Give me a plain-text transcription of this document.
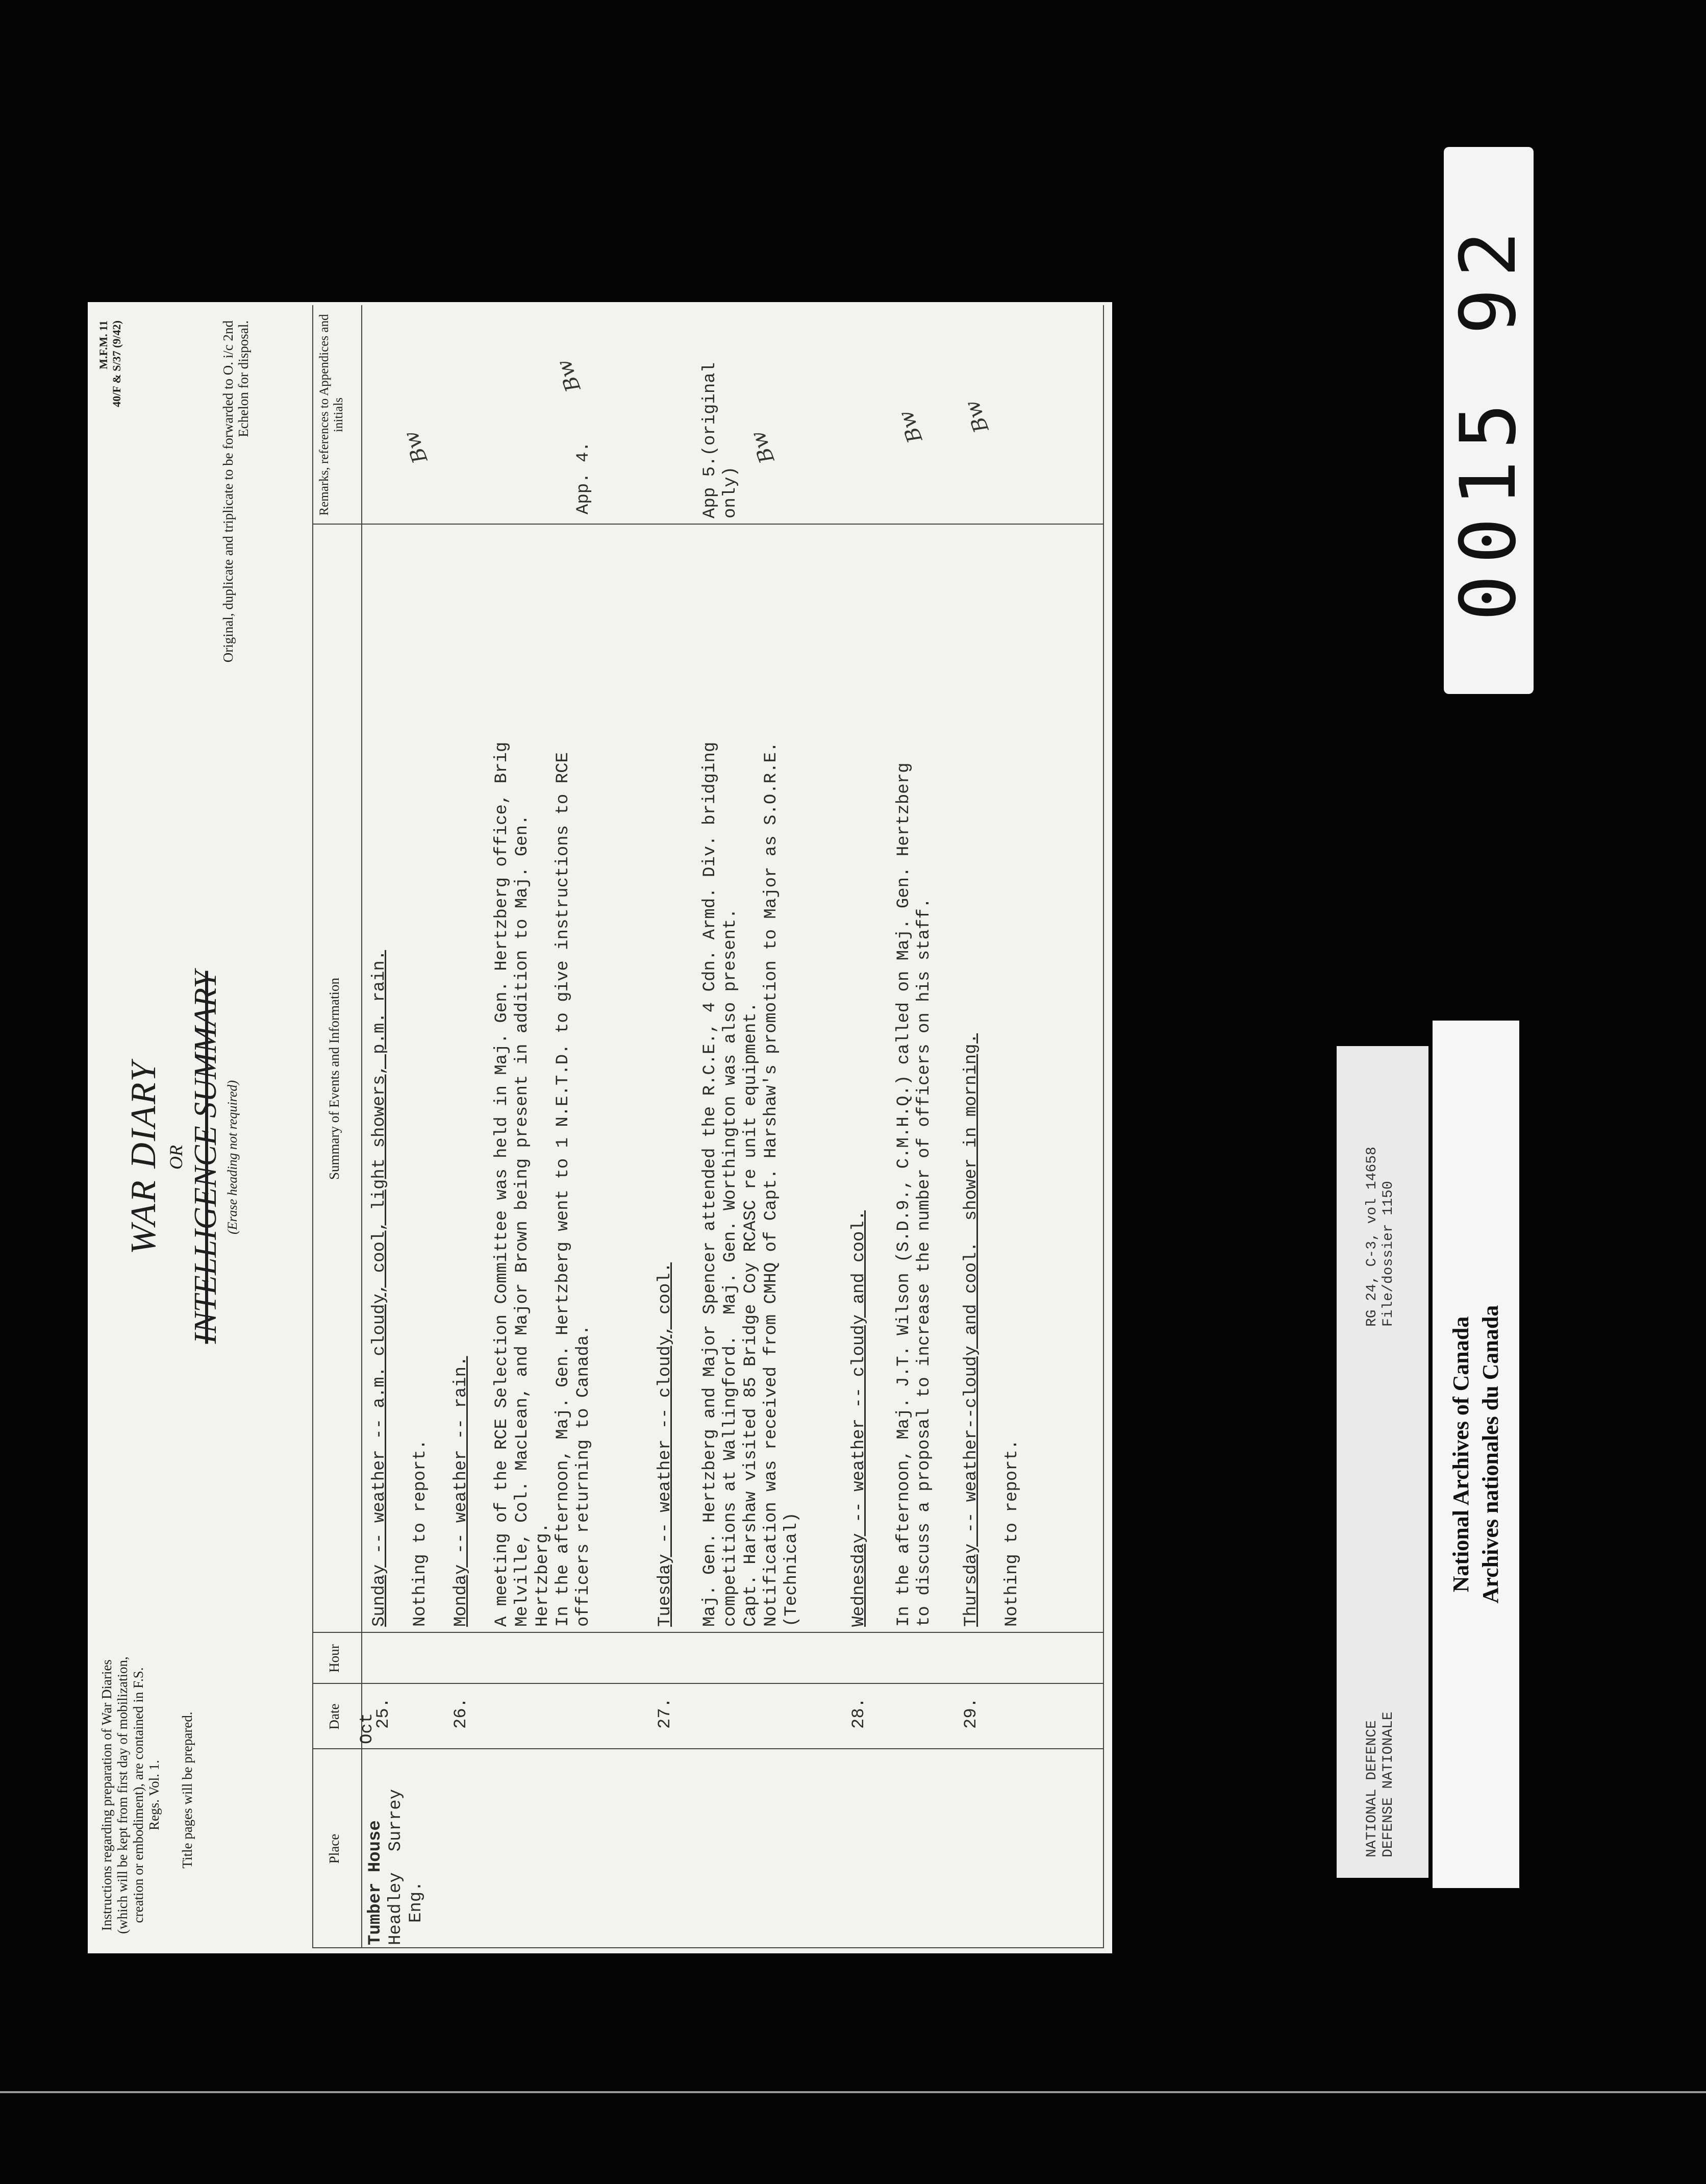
Instructions regarding preparation of War Diaries (which will be kept from first day of mobilization, creation or embodiment), are contained in F.S. Regs. Vol. 1. Title pages will be prepared.
WAR DIARY OR INTELLIGENCE SUMMARY (Erase heading not required)
M.F.M. 11 40/F & S/37 (9/42)	Original, duplicate and triplicate to be forwarded to O. i/c 2nd Echelon for disposal.
Place
Date
Hour
Summary of Events and Information
Remarks, references to Appendices and initials
Tumber House Headley  Surrey Eng.
Oct
25.
Sunday -- weather -- a.m. cloudy, cool, light showers, p.m. rain. Nothing to report.
Bw
26.
Monday -- weather -- rain. A meeting of the RCE Selection Committee was held in Maj. Gen. Hertzberg office, Brig Melville, Col. MacLean, and Major Brown being present in addition to Maj. Gen. Hertzberg. In the afternoon, Maj. Gen. Hertzberg went to 1 N.E.T.D. to give instructions to RCE officers returning to Canada.
App. 4.
Bw
27.
Tuesday -- weather -- cloudy, cool. Maj. Gen. Hertzberg and Major Spencer attended the R.C.E., 4 Cdn. Armd. Div. bridging competitions at Wallingford.  Maj. Gen. Worthington was also present. Capt. Harshaw visited 85 Bridge Coy RCASC re unit equipment. Notification was received from CMHQ of Capt. Harshaw's promotion to Major as S.O.R.E. (Technical)
App 5.(original only)
Bw
28.
Wednesday -- weather -- cloudy and cool. In the afternoon, Maj. J.T. Wilson (S.D.9., C.M.H.Q.) called on Maj. Gen. Hertzberg to discuss a proposal to increase the number of officers on his staff.
Bw
29.
Thursday -- weather--cloudy and cool.  shower in morning. Nothing to report.
Bw
NATIONAL DEFENCE DEFENSE NATIONALE
RG 24, C-3, vol 14658 File/dossier 1150
National Archives of Canada Archives nationales du Canada
0015 92
